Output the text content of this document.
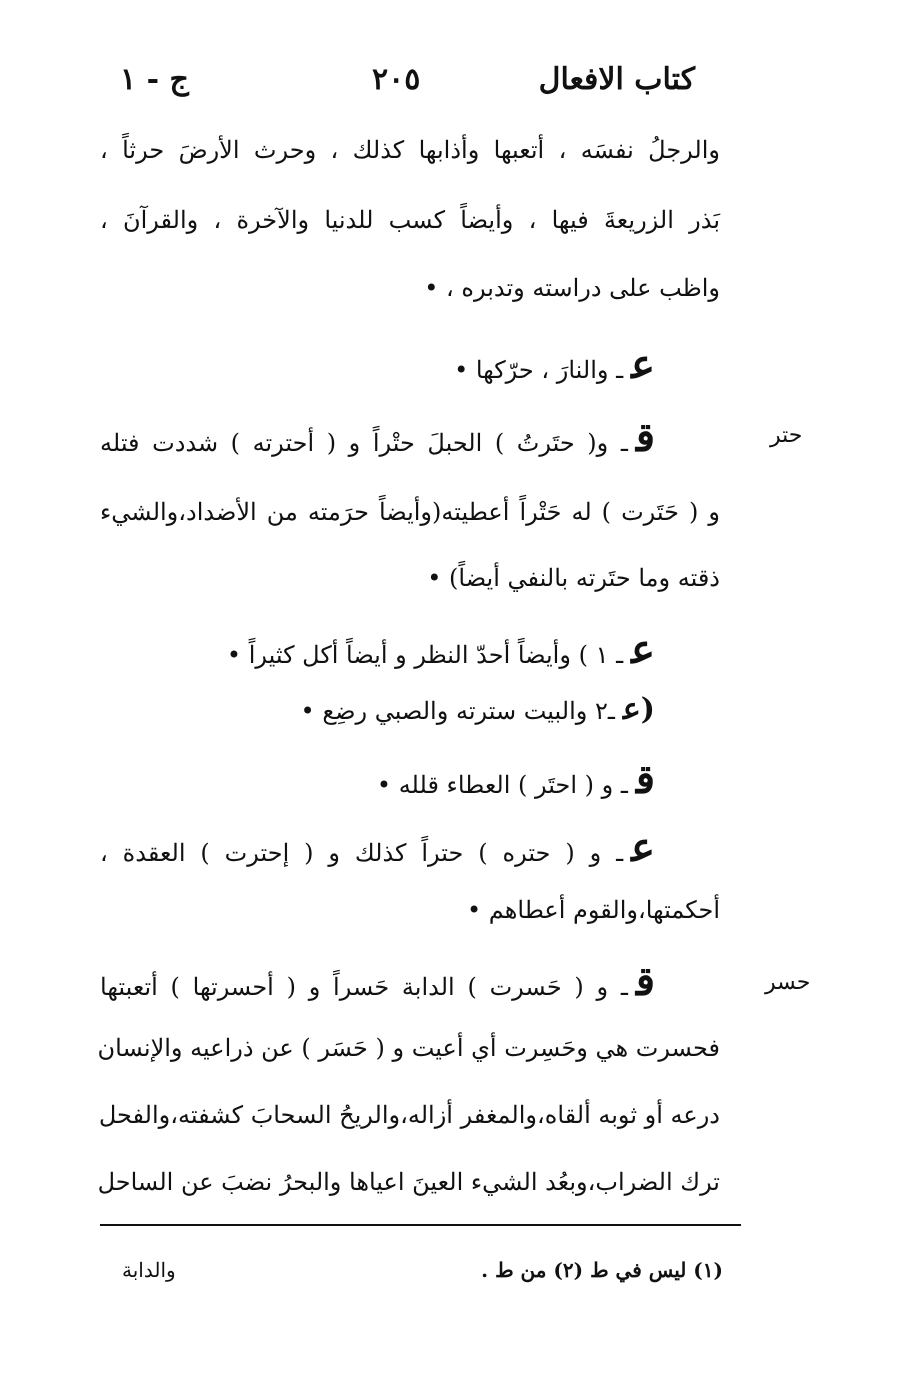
كتاب الافعال
٢٠٥
ج - ١
حتر
حسر
والرجلُ نفسَه ، أتعبها وأذابها كذلك ، وحرث الأرضَ حرثاً ،
بَذر الزريعةَ فيها ، وأيضاً كسب للدنيا والآخرة ، والقرآنَ ،
واظب على دراسته وتدبره ، •
عـ والنارَ ، حرّكها •
قـ و( حتَرتُ ) الحبلَ حتْراً و ( أحترته ) شددت فتله
و ( حَتَرت ) له حَتْراً أعطيته(وأيضاً حرَمته من الأضداد،والشيء
ذقته وما حتَرته بالنفي أيضاً) •
عـ ١ ) وأيضاً أحدّ النظر و أيضاً أكل كثيراً •
(عـ٢ والبيت سترته والصبي رضِع •
قـ و ( احتَر ) العطاء قلله •
عـ و ( حتره ) حتراً كذلك و ( إحترت ) العقدة ،
أحكمتها،والقوم أعطاهم •
قـ و ( حَسرت ) الدابة حَسراً و ( أحسرتها ) أتعبتها
فحسرت هي وحَسِرت أي أعيت و ( حَسَر ) عن ذراعيه والإنسان
درعه أو ثوبه ألقاه،والمغفر أزاله،والريحُ السحابَ كشفته،والفحل
ترك الضراب،وبعُد الشيء العينَ اعياها والبحرُ نضبَ عن الساحل
(١) ليس في ط (٢) من ط .
والدابة
